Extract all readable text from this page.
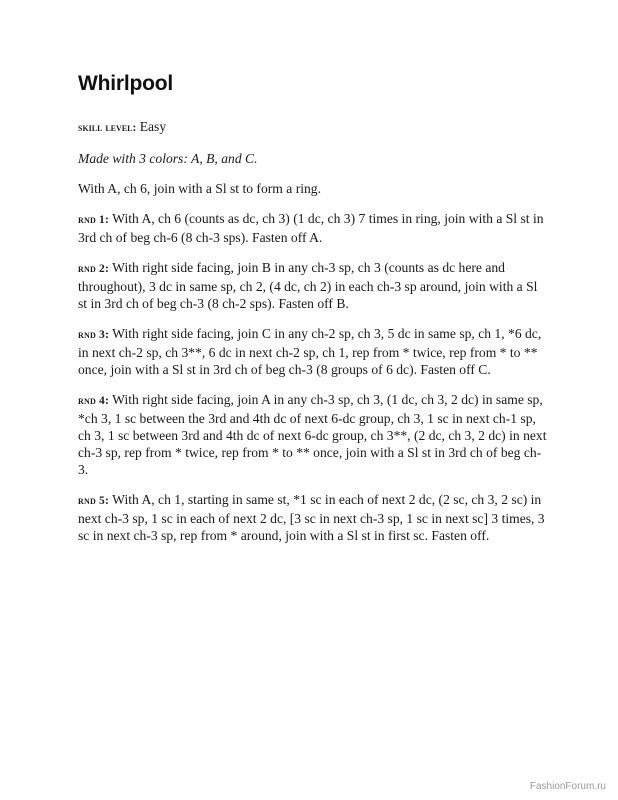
Whirlpool

skill level: Easy

Made with 3 colors: A, B, and C.

With A, ch 6, join with a Sl st to form a ring.

rnd 1: With A, ch 6 (counts as dc, ch 3) (1 dc, ch 3) 7 times in ring, join with a Sl st in 3rd ch of beg ch-6 (8 ch-3 sps). Fasten off A.

rnd 2: With right side facing, join B in any ch-3 sp, ch 3 (counts as dc here and throughout), 3 dc in same sp, ch 2, (4 dc, ch 2) in each ch-3 sp around, join with a Sl st in 3rd ch of beg ch-3 (8 ch-2 sps). Fasten off B.

rnd 3: With right side facing, join C in any ch-2 sp, ch 3, 5 dc in same sp, ch 1, *6 dc, in next ch-2 sp, ch 3**, 6 dc in next ch-2 sp, ch 1, rep from * twice, rep from * to ** once, join with a Sl st in 3rd ch of beg ch-3 (8 groups of 6 dc). Fasten off C.

rnd 4: With right side facing, join A in any ch-3 sp, ch 3, (1 dc, ch 3, 2 dc) in same sp, *ch 3, 1 sc between the 3rd and 4th dc of next 6-dc group, ch 3, 1 sc in next ch-1 sp, ch 3, 1 sc between 3rd and 4th dc of next 6-dc group, ch 3**, (2 dc, ch 3, 2 dc) in next ch-3 sp, rep from * twice, rep from * to ** once, join with a Sl st in 3rd ch of beg ch-3.

rnd 5: With A, ch 1, starting in same st, *1 sc in each of next 2 dc, (2 sc, ch 3, 2 sc) in next ch-3 sp, 1 sc in each of next 2 dc, [3 sc in next ch-3 sp, 1 sc in next sc] 3 times, 3 sc in next ch-3 sp, rep from * around, join with a Sl st in first sc. Fasten off.

FashionForum.ru
